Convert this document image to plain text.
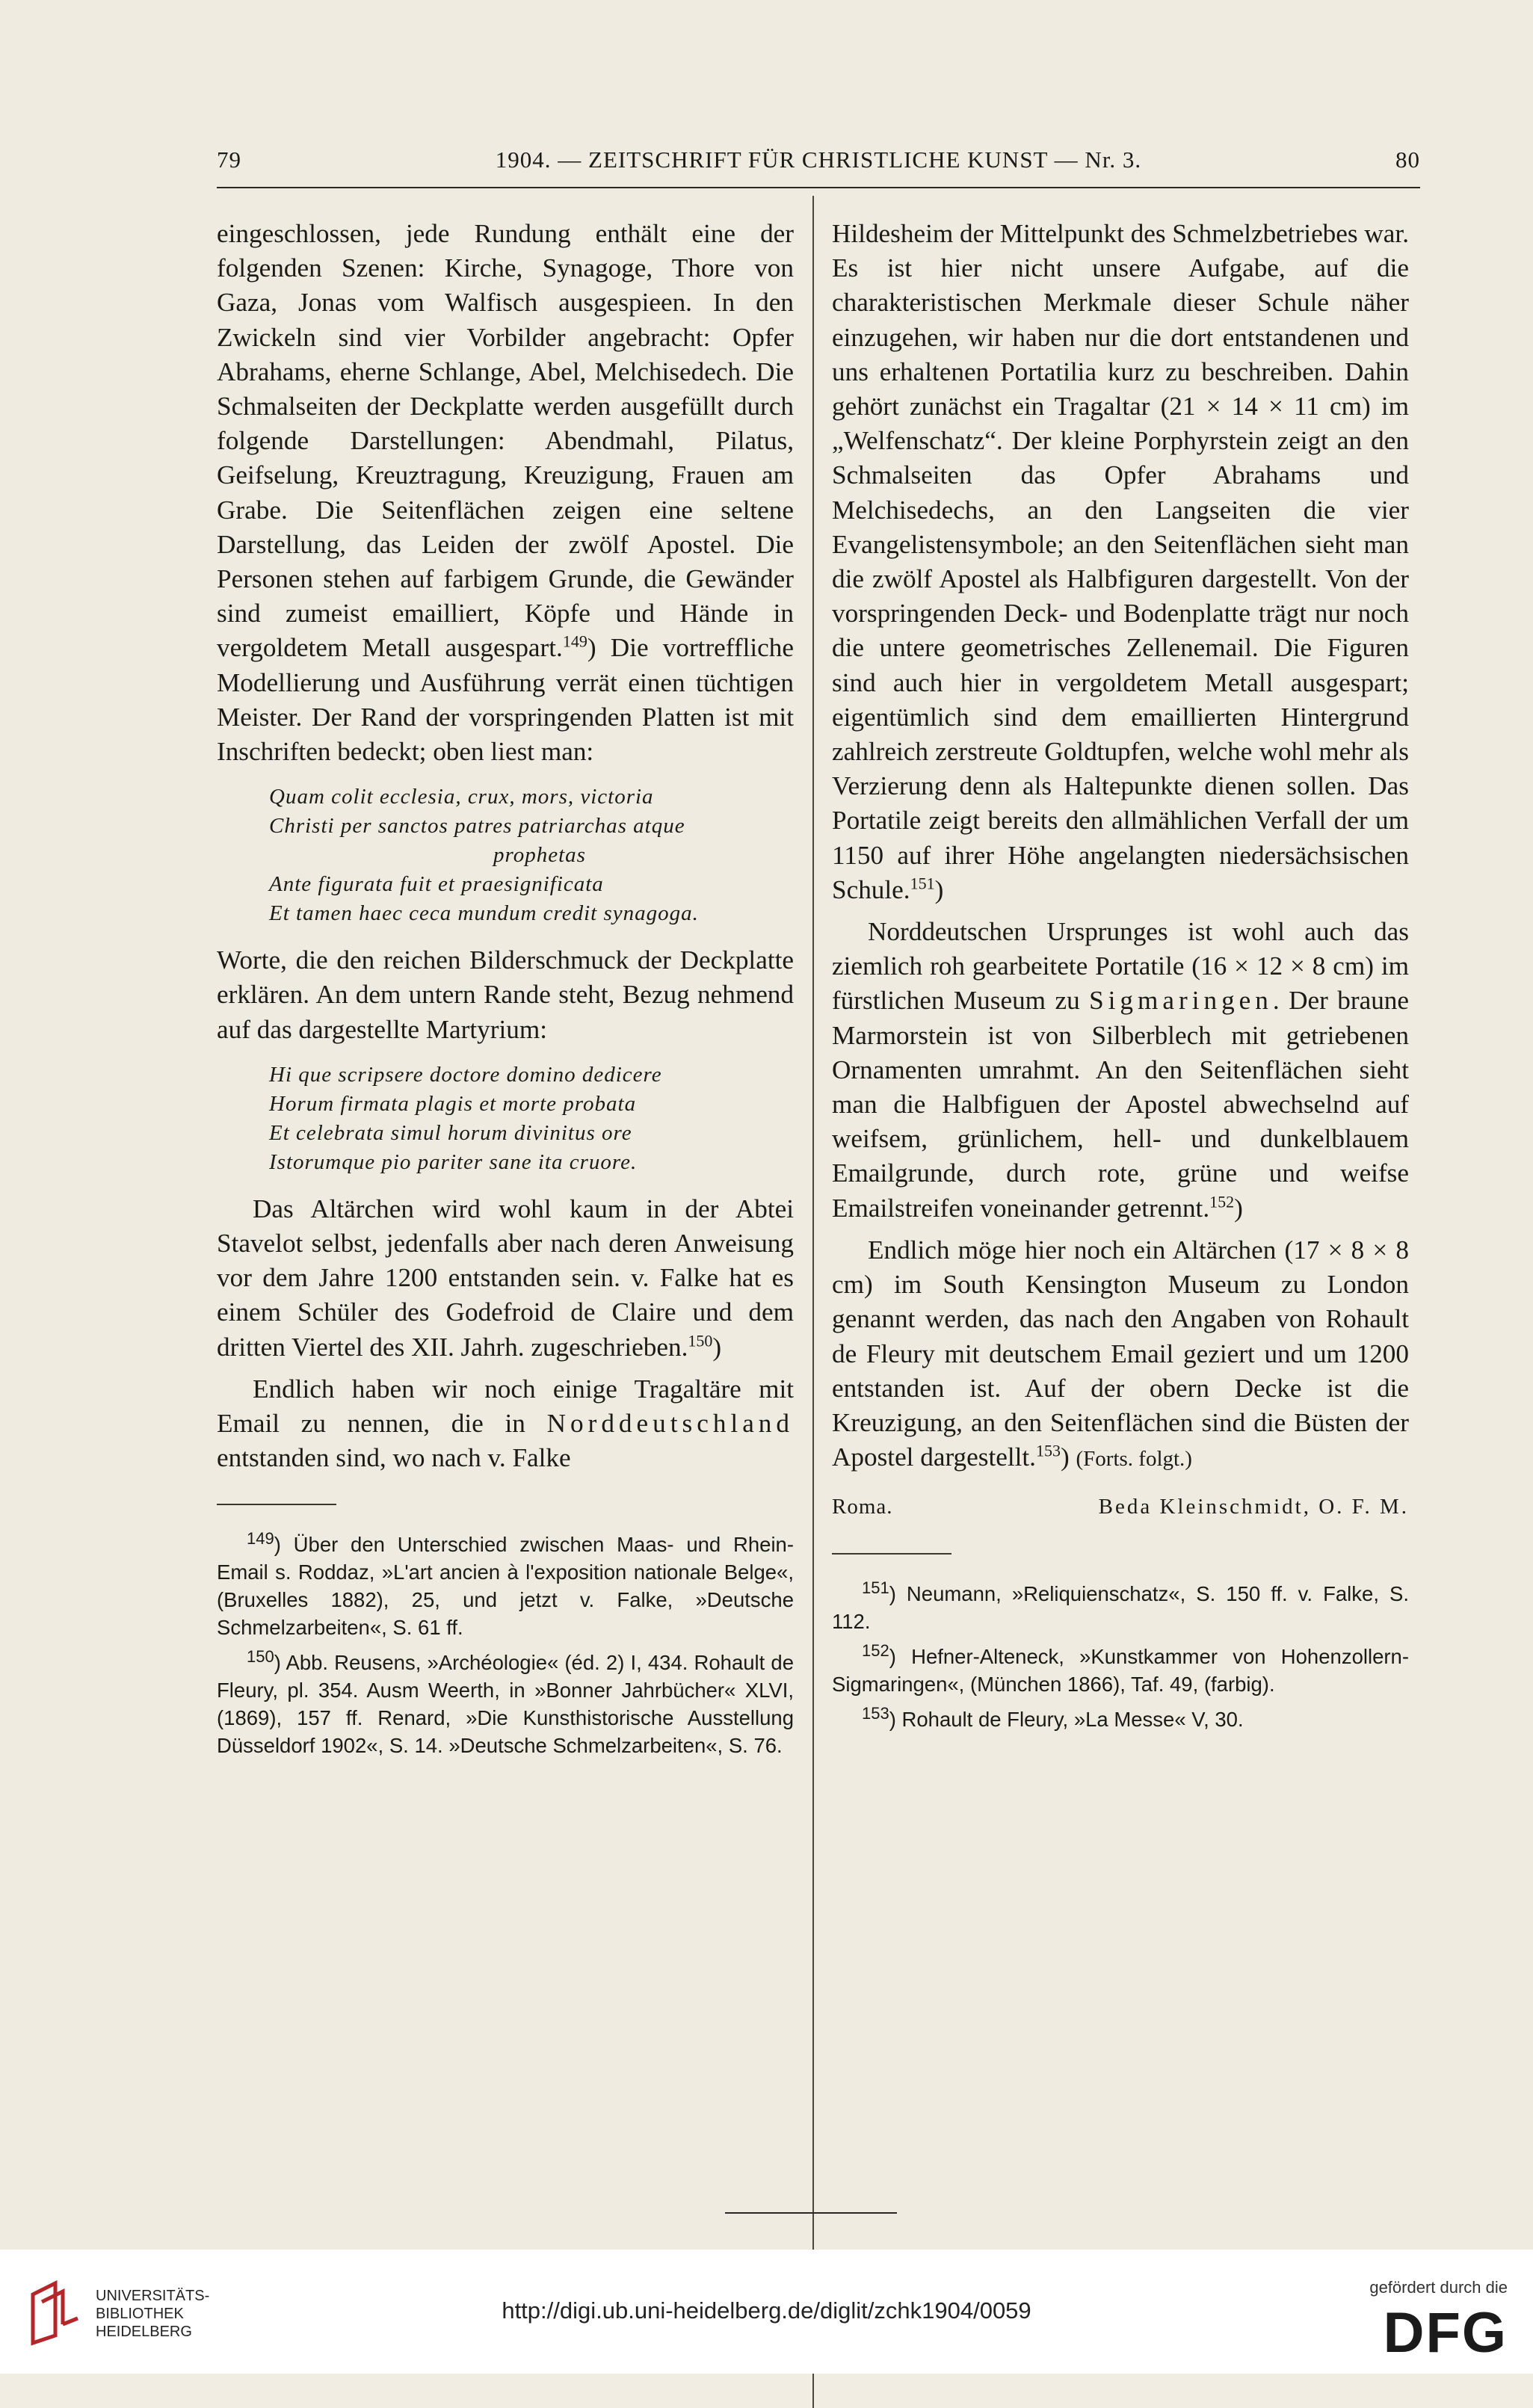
79	1904. — ZEITSCHRIFT FÜR CHRISTLICHE KUNST — Nr. 3.	80

eingeschlossen, jede Rundung enthält eine der folgenden Szenen: Kirche, Synagoge, Thore von Gaza, Jonas vom Walfisch ausgespieen. In den Zwickeln sind vier Vorbilder angebracht: Opfer Abrahams, eherne Schlange, Abel, Melchisedech. Die Schmalseiten der Deckplatte werden ausgefüllt durch folgende Darstellungen: Abendmahl, Pilatus, Geifselung, Kreuztragung, Kreuzigung, Frauen am Grabe. Die Seitenflächen zeigen eine seltene Darstellung, das Leiden der zwölf Apostel. Die Personen stehen auf farbigem Grunde, die Gewänder sind zumeist emailliert, Köpfe und Hände in vergoldetem Metall ausgespart.$^{149}$) Die vortreffliche Modellierung und Ausführung verrät einen tüchtigen Meister. Der Rand der vorspringenden Platten ist mit Inschriften bedeckt; oben liest man:

Quam colit ecclesia, crux, mors, victoria
Christi per sanctos patres patriarchas atque
prophetas
Ante figurata fuit et praesignificata
Et tamen haec ceca mundum credit synagoga.

Worte, die den reichen Bilderschmuck der Deckplatte erklären. An dem untern Rande steht, Bezug nehmend auf das dargestellte Martyrium:

Hi que scripsere doctore domino dedicere
Horum firmata plagis et morte probata
Et celebrata simul horum divinitus ore
Istorumque pio pariter sane ita cruore.

Das Altärchen wird wohl kaum in der Abtei Stavelot selbst, jedenfalls aber nach deren Anweisung vor dem Jahre 1200 entstanden sein. v. Falke hat es einem Schüler des Godefroid de Claire und dem dritten Viertel des XII. Jahrh. zugeschrieben.$^{150}$)

Endlich haben wir noch einige Tragaltäre mit Email zu nennen, die in Norddeutschland entstanden sind, wo nach v. Falke

$^{149}$) Über den Unterschied zwischen Maas- und Rhein-Email s. Roddaz, »L'art ancien à l'exposition nationale Belge«, (Bruxelles 1882), 25, und jetzt v. Falke, »Deutsche Schmelzarbeiten«, S. 61 ff.

$^{150}$) Abb. Reusens, »Archéologie« (éd. 2) I, 434. Rohault de Fleury, pl. 354. Ausm Weerth, in »Bonner Jahrbücher« XLVI, (1869), 157 ff. Renard, »Die Kunsthistorische Ausstellung Düsseldorf 1902«, S. 14. »Deutsche Schmelzarbeiten«, S. 76.

Hildesheim der Mittelpunkt des Schmelzbetriebes war. Es ist hier nicht unsere Aufgabe, auf die charakteristischen Merkmale dieser Schule näher einzugehen, wir haben nur die dort entstandenen und uns erhaltenen Portatilia kurz zu beschreiben. Dahin gehört zunächst ein Tragaltar (21 × 14 × 11 cm) im „Welfenschatz“. Der kleine Porphyrstein zeigt an den Schmalseiten das Opfer Abrahams und Melchisedechs, an den Langseiten die vier Evangelistensymbole; an den Seitenflächen sieht man die zwölf Apostel als Halbfiguren dargestellt. Von der vorspringenden Deck- und Bodenplatte trägt nur noch die untere geometrisches Zellenemail. Die Figuren sind auch hier in vergoldetem Metall ausgespart; eigentümlich sind dem emaillierten Hintergrund zahlreich zerstreute Goldtupfen, welche wohl mehr als Verzierung denn als Haltepunkte dienen sollen. Das Portatile zeigt bereits den allmählichen Verfall der um 1150 auf ihrer Höhe angelangten niedersächsischen Schule.$^{151}$)

Norddeutschen Ursprunges ist wohl auch das ziemlich roh gearbeitete Portatile (16 × 12 × 8 cm) im fürstlichen Museum zu Sigmaringen. Der braune Marmorstein ist von Silberblech mit getriebenen Ornamenten umrahmt. An den Seitenflächen sieht man die Halbfiguen der Apostel abwechselnd auf weifsem, grünlichem, hell- und dunkelblauem Emailgrunde, durch rote, grüne und weifse Emailstreifen voneinander getrennt.$^{152}$)

Endlich möge hier noch ein Altärchen (17 × 8 × 8 cm) im South Kensington Museum zu London genannt werden, das nach den Angaben von Rohault de Fleury mit deutschem Email geziert und um 1200 entstanden ist. Auf der obern Decke ist die Kreuzigung, an den Seitenflächen sind die Büsten der Apostel dargestellt.$^{153}$) (Forts. folgt.)

Roma.	Beda Kleinschmidt, O. F. M.

$^{151}$) Neumann, »Reliquienschatz«, S. 150 ff. v. Falke, S. 112.

$^{152}$) Hefner-Alteneck, »Kunstkammer von Hohenzollern-Sigmaringen«, (München 1866), Taf. 49, (farbig).

$^{153}$) Rohault de Fleury, »La Messe« V, 30.

UNIVERSITÄTS-
BIBLIOTHEK
HEIDELBERG
http://digi.ub.uni-heidelberg.de/diglit/zchk1904/0059
gefördert durch die
DFG
